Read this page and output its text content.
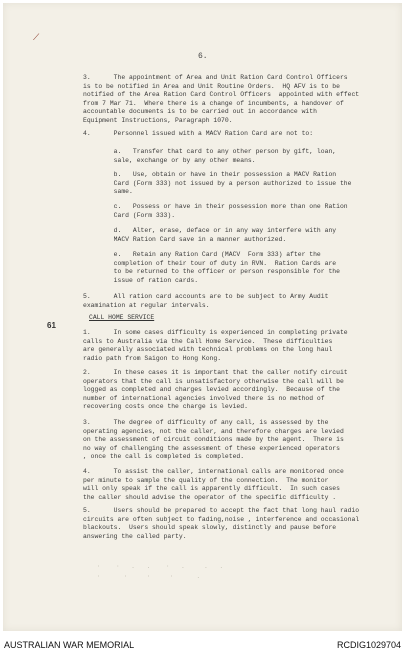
⟋
6.
3.      The appointment of Area and Unit Ration Card Control Officers
is to be notified in Area and Unit Routine Orders.  HQ AFV is to be
notified of the Area Ration Card Control Officers  appointed with effect
from 7 Mar 71.  Where there is a change of incumbents, a handover of
accountable documents is to be carried out in accordance with
Equipment Instructions, Paragraph 1070.
4.      Personnel issued with a MACV Ration Card are not to:
a.   Transfer that card to any other person by gift, loan,
sale, exchange or by any other means.
b.   Use, obtain or have in their possession a MACV Ration
Card (Form 333) not issued by a person authorized to issue the
same.
c.   Possess or have in their possession more than one Ration
Card (Form 333).
d.   Alter, erase, deface or in any way interfere with any
MACV Ration Card save in a manner authorized.
e.   Retain any Ration Card (MACV  Form 333) after the
completion of their tour of duty in RVN.  Ration Cards are
to be returned to the officer or person responsible for the
issue of ration cards.
5.      All ration card accounts are to be subject to Army Audit
examination at regular intervals.
1.      In some cases difficulty is experienced in completing private
calls to Australia via the Call Home Service.  These difficulties
are generally associated with technical problems on the long haul
radio path from Saigon to Hong Kong.
2.      In these cases it is important that the caller notify circuit
operators that the call is unsatisfactory otherwise the call will be
logged as completed and charges levied accordingly.  Because of the
number of international agencies involved there is no method of
recovering costs once the charge is levied.
3.      The degree of difficulty of any call, is assessed by the
operating agencies, not the caller, and therefore charges are levied
on the assessment of circuit conditions made by the agent.  There is
no way of challenging the assessment of these experienced operators
, once the call is completed is completed.
4.      To assist the caller, international calls are monitored once
per minute to sample the quality of the connection.  The monitor
will only speak if the call is apparently difficult.  In such cases
the caller should advise the operator of the specific difficulty .
5.      Users should be prepared to accept the fact that long haul radio
circuits are often subject to fading,noise , interference and occasional
blackouts.  Users should speak slowly, distinctly and pause before
answering the called party.
CALL HOME SERVICE
61
·    ·   .   .    ·   .     .   .
·      ·     ·     ·      .
AUSTRALIAN WAR MEMORIAL	RCDIG1029704
